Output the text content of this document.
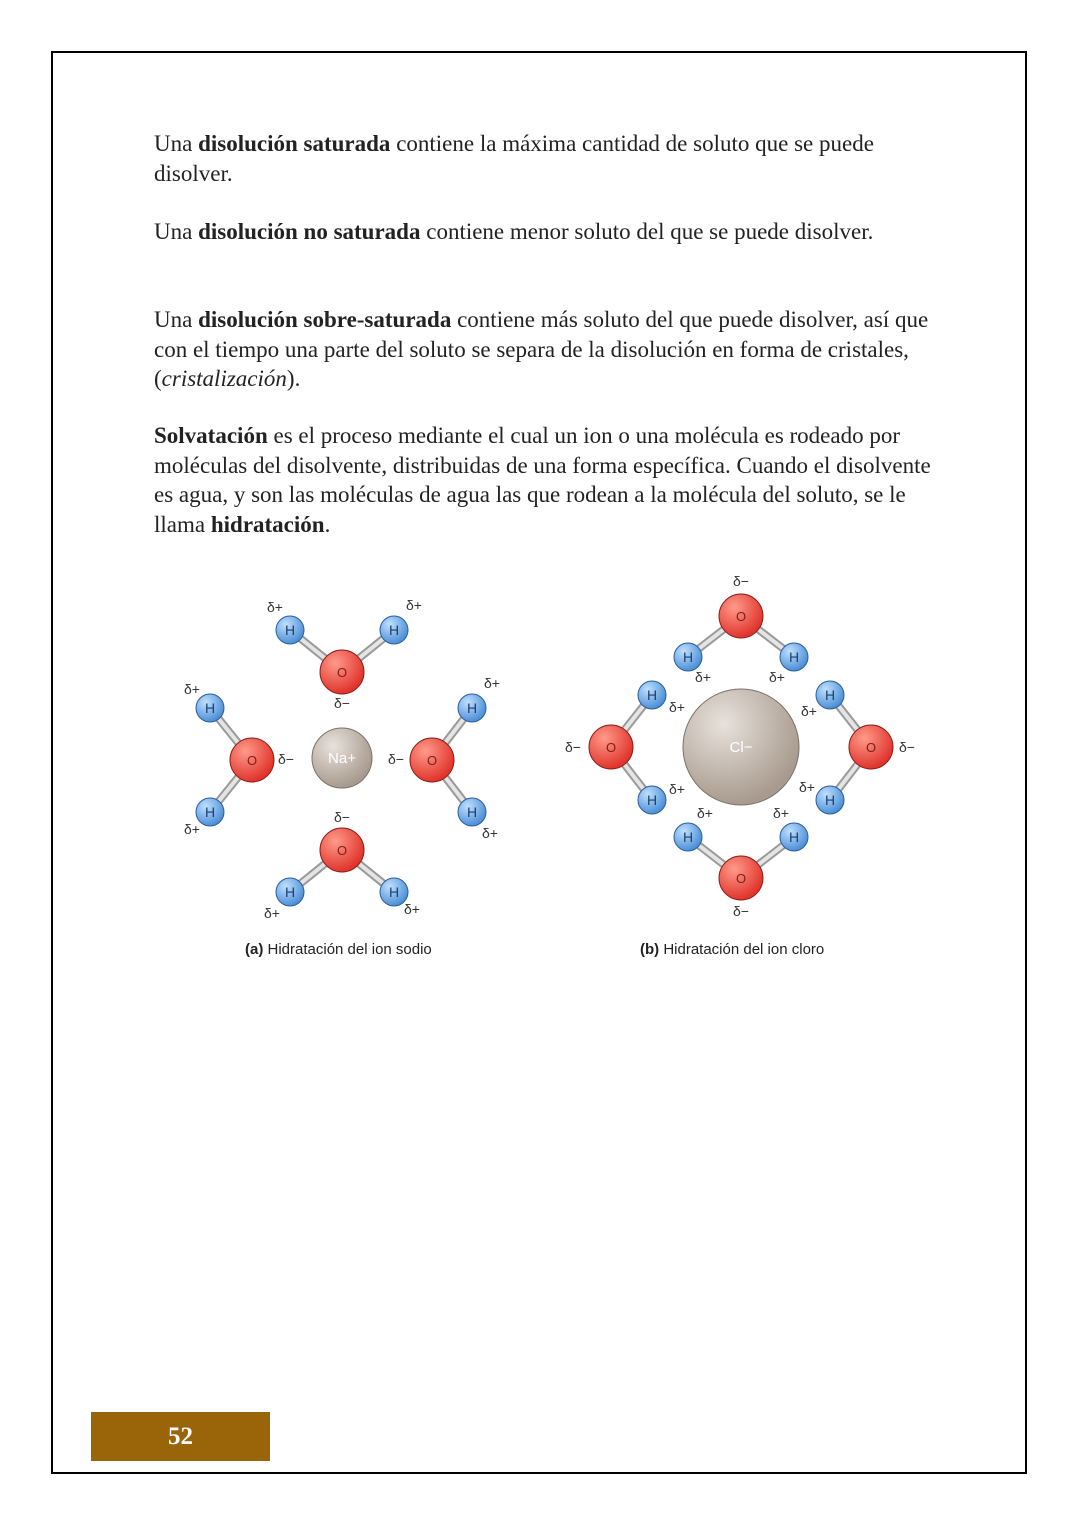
Una disolución saturada contiene la máxima cantidad de soluto que se puede disolver.

Una disolución no saturada contiene menor soluto del que se puede disolver.

Una disolución sobre-saturada contiene más soluto del que puede disolver, así que con el tiempo una parte del soluto se separa de la disolución en forma de cristales, (cristalización).

Solvatación es el proceso mediante el cual un ion o una molécula es rodeado por moléculas del disolvente, distribuidas de una forma específica. Cuando el disolvente es agua, y son las moléculas de agua las que rodean a la molécula del soluto, se le llama hidratación.

H	H
O
H	H
O
H
H
O
H
H
O
Na+
δ+	δ+
δ+	δ+
δ+	δ+
δ+	δ+
δ−
δ−
δ−	δ−
(a) Hidratación del ion sodio
H	H
O
H	H
O
H
H
O
H
H
O
Cl−
δ+	δ+
δ+	δ+
δ+	δ+
δ+	δ+
δ−
δ−
δ−	δ−
(b) Hidratación del ion cloro
52
